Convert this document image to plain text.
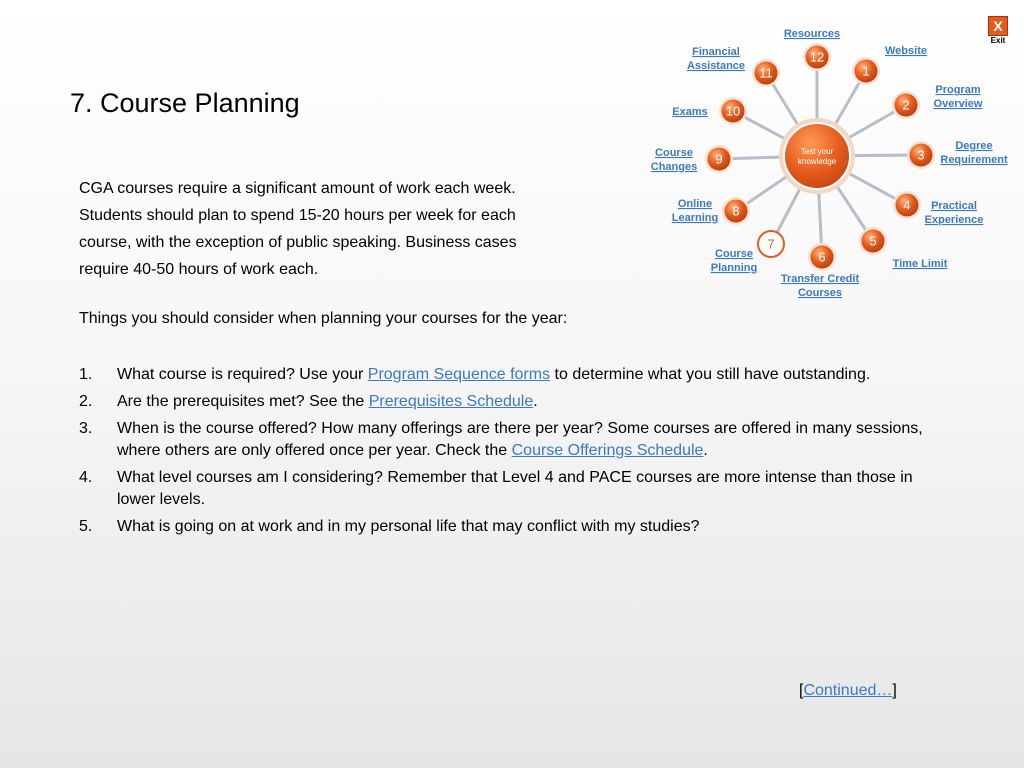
7. Course Planning
CGA courses require a significant amount of work each week.
Students should plan to spend 15-20 hours per week for each
course, with the exception of public speaking. Business cases
require 40-50 hours of work each.
Things you should consider when planning your courses for the year:
1. What course is required? Use your Program Sequence forms to determine what you still have outstanding.
2. Are the prerequisites met? See the Prerequisites Schedule.
3. When is the course offered? How many offerings are there per year? Some courses are offered in many sessions, where others are only offered once per year. Check the Course Offerings Schedule.
4. What level courses am I considering? Remember that Level 4 and PACE courses are more intense than those in lower levels.
5. What is going on at work and in my personal life that may conflict with my studies?
[Continued…]
X
Exit
Test your
knowledge
1
Website
2
Program
Overview
3
Degree
Requirement
4 Practical
Experience
5
Time Limit
6
Transfer Credit
Courses
7
Course
Planning
8
Online
Learning
9
Course
Changes
10
Exams
11
Financial
Assistance
12
Resources
